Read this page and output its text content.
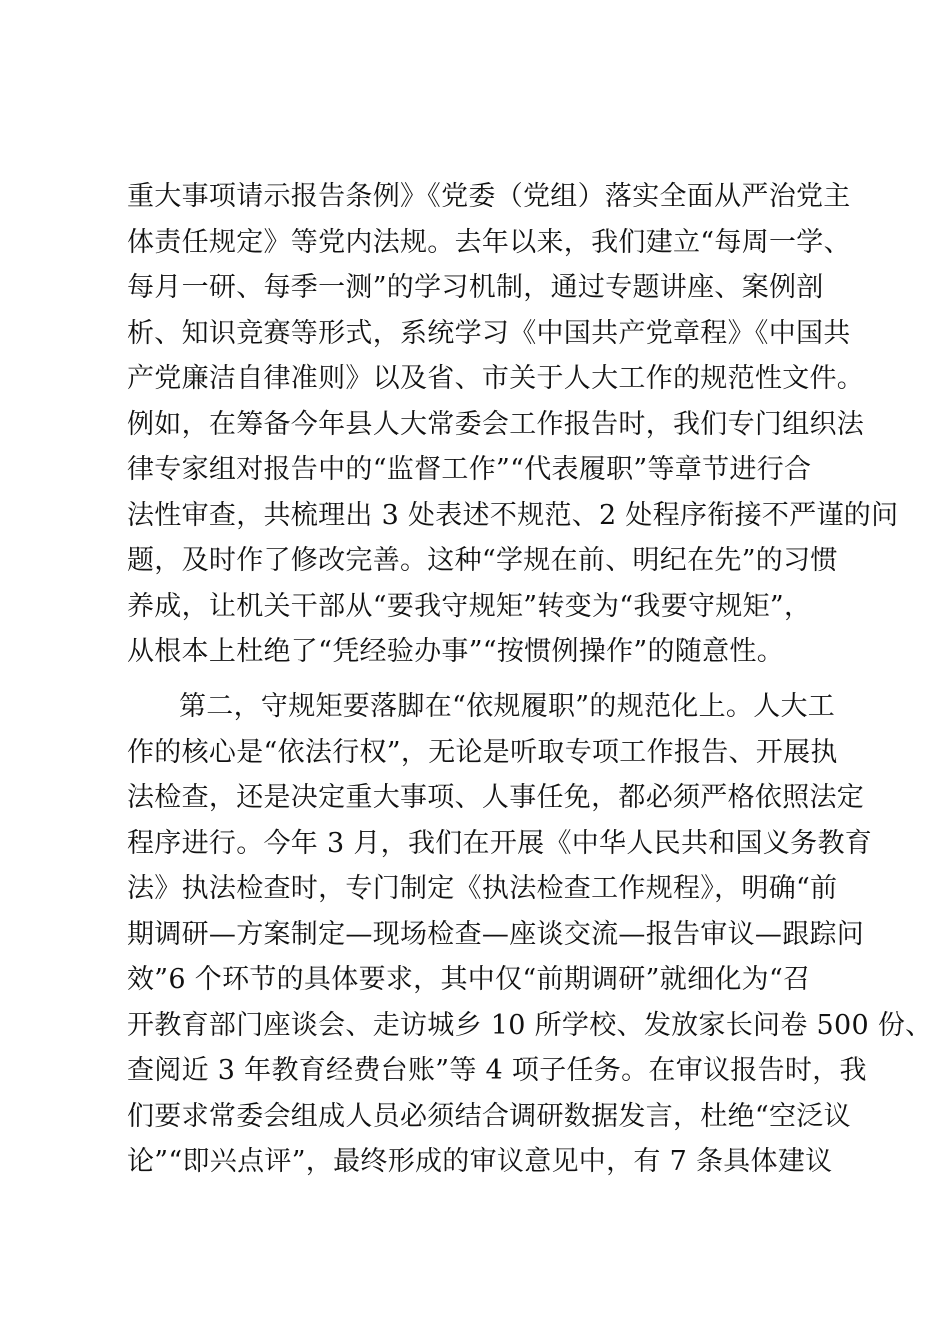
重大事项请示报告条例》《党委（党组）落实全面从严治党主
体责任规定》等党内法规。去年以来，我们建立“每周一学、
每月一研、每季一测”的学习机制，通过专题讲座、案例剖
析、知识竞赛等形式，系统学习《中国共产党章程》《中国共
产党廉洁自律准则》以及省、市关于人大工作的规范性文件。
例如，在筹备今年县人大常委会工作报告时，我们专门组织法
律专家组对报告中的“监督工作”“代表履职”等章节进行合
法性审查，共梳理出 3 处表述不规范、2 处程序衔接不严谨的问
题，及时作了修改完善。这种“学规在前、明纪在先”的习惯
养成，让机关干部从“要我守规矩”转变为“我要守规矩”，
从根本上杜绝了“凭经验办事”“按惯例操作”的随意性。
第二，守规矩要落脚在“依规履职”的规范化上。人大工
作的核心是“依法行权”，无论是听取专项工作报告、开展执
法检查，还是决定重大事项、人事任免，都必须严格依照法定
程序进行。今年 3 月，我们在开展《中华人民共和国义务教育
法》执法检查时，专门制定《执法检查工作规程》，明确“前
期调研—方案制定—现场检查—座谈交流—报告审议—跟踪问
效”6 个环节的具体要求，其中仅“前期调研”就细化为“召
开教育部门座谈会、走访城乡 10 所学校、发放家长问卷 500 份、
查阅近 3 年教育经费台账”等 4 项子任务。在审议报告时，我
们要求常委会组成人员必须结合调研数据发言，杜绝“空泛议
论”“即兴点评”，最终形成的审议意见中，有 7 条具体建议
